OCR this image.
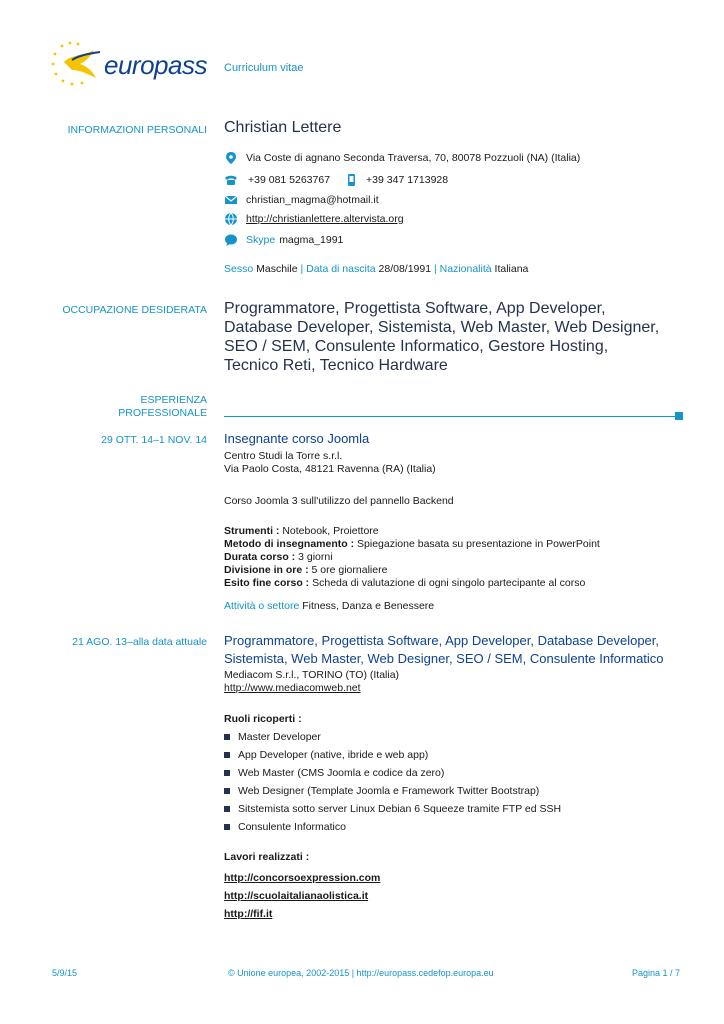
europass Curriculum vitae
INFORMAZIONI PERSONALI Christian Lettere
Via Coste di agnano Seconda Traversa, 70, 80078 Pozzuoli (NA) (Italia)
+39 081 5263767	+39 347 1713928
christian_magma@hotmail.it
http://christianlettere.altervista.org
Skype magma_1991
Sesso Maschile | Data di nascita 28/08/1991 | Nazionalità Italiana
OCCUPAZIONE DESIDERATA Programmatore, Progettista Software, App Developer, Database Developer, Sistemista, Web Master, Web Designer, SEO / SEM, Consulente Informatico, Gestore Hosting, Tecnico Reti, Tecnico Hardware
ESPERIENZA
PROFESSIONALE
29 OTT. 14–1 NOV. 14 Insegnante corso Joomla
Centro Studi la Torre s.r.l.
Via Paolo Costa, 48121 Ravenna (RA) (Italia)
Corso Joomla 3 sull'utilizzo del pannello Backend
Strumenti : Notebook, Proiettore
Metodo di insegnamento : Spiegazione basata su presentazione in PowerPoint
Durata corso : 3 giorni
Divisione in ore : 5 ore giornaliere
Esito fine corso : Scheda di valutazione di ogni singolo partecipante al corso
Attività o settore Fitness, Danza e Benessere
21 AGO. 13–alla data attuale Programmatore, Progettista Software, App Developer, Database Developer, Sistemista, Web Master, Web Designer, SEO / SEM, Consulente Informatico
Mediacom S.r.l., TORINO (TO) (Italia)
http://www.mediacomweb.net
Ruoli ricoperti :
Master Developer
App Developer (native, ibride e web app)
Web Master (CMS Joomla e codice da zero)
Web Designer (Template Joomla e Framework Twitter Bootstrap)
Sitstemista sotto server Linux Debian 6 Squeeze tramite FTP ed SSH
Consulente Informatico
Lavori realizzati :
http://concorsoexpression.com
http://scuolaitalianaolistica.it
http://fif.it
5/9/15	© Unione europea, 2002-2015 | http://europass.cedefop.europa.eu	Pagina 1 / 7
